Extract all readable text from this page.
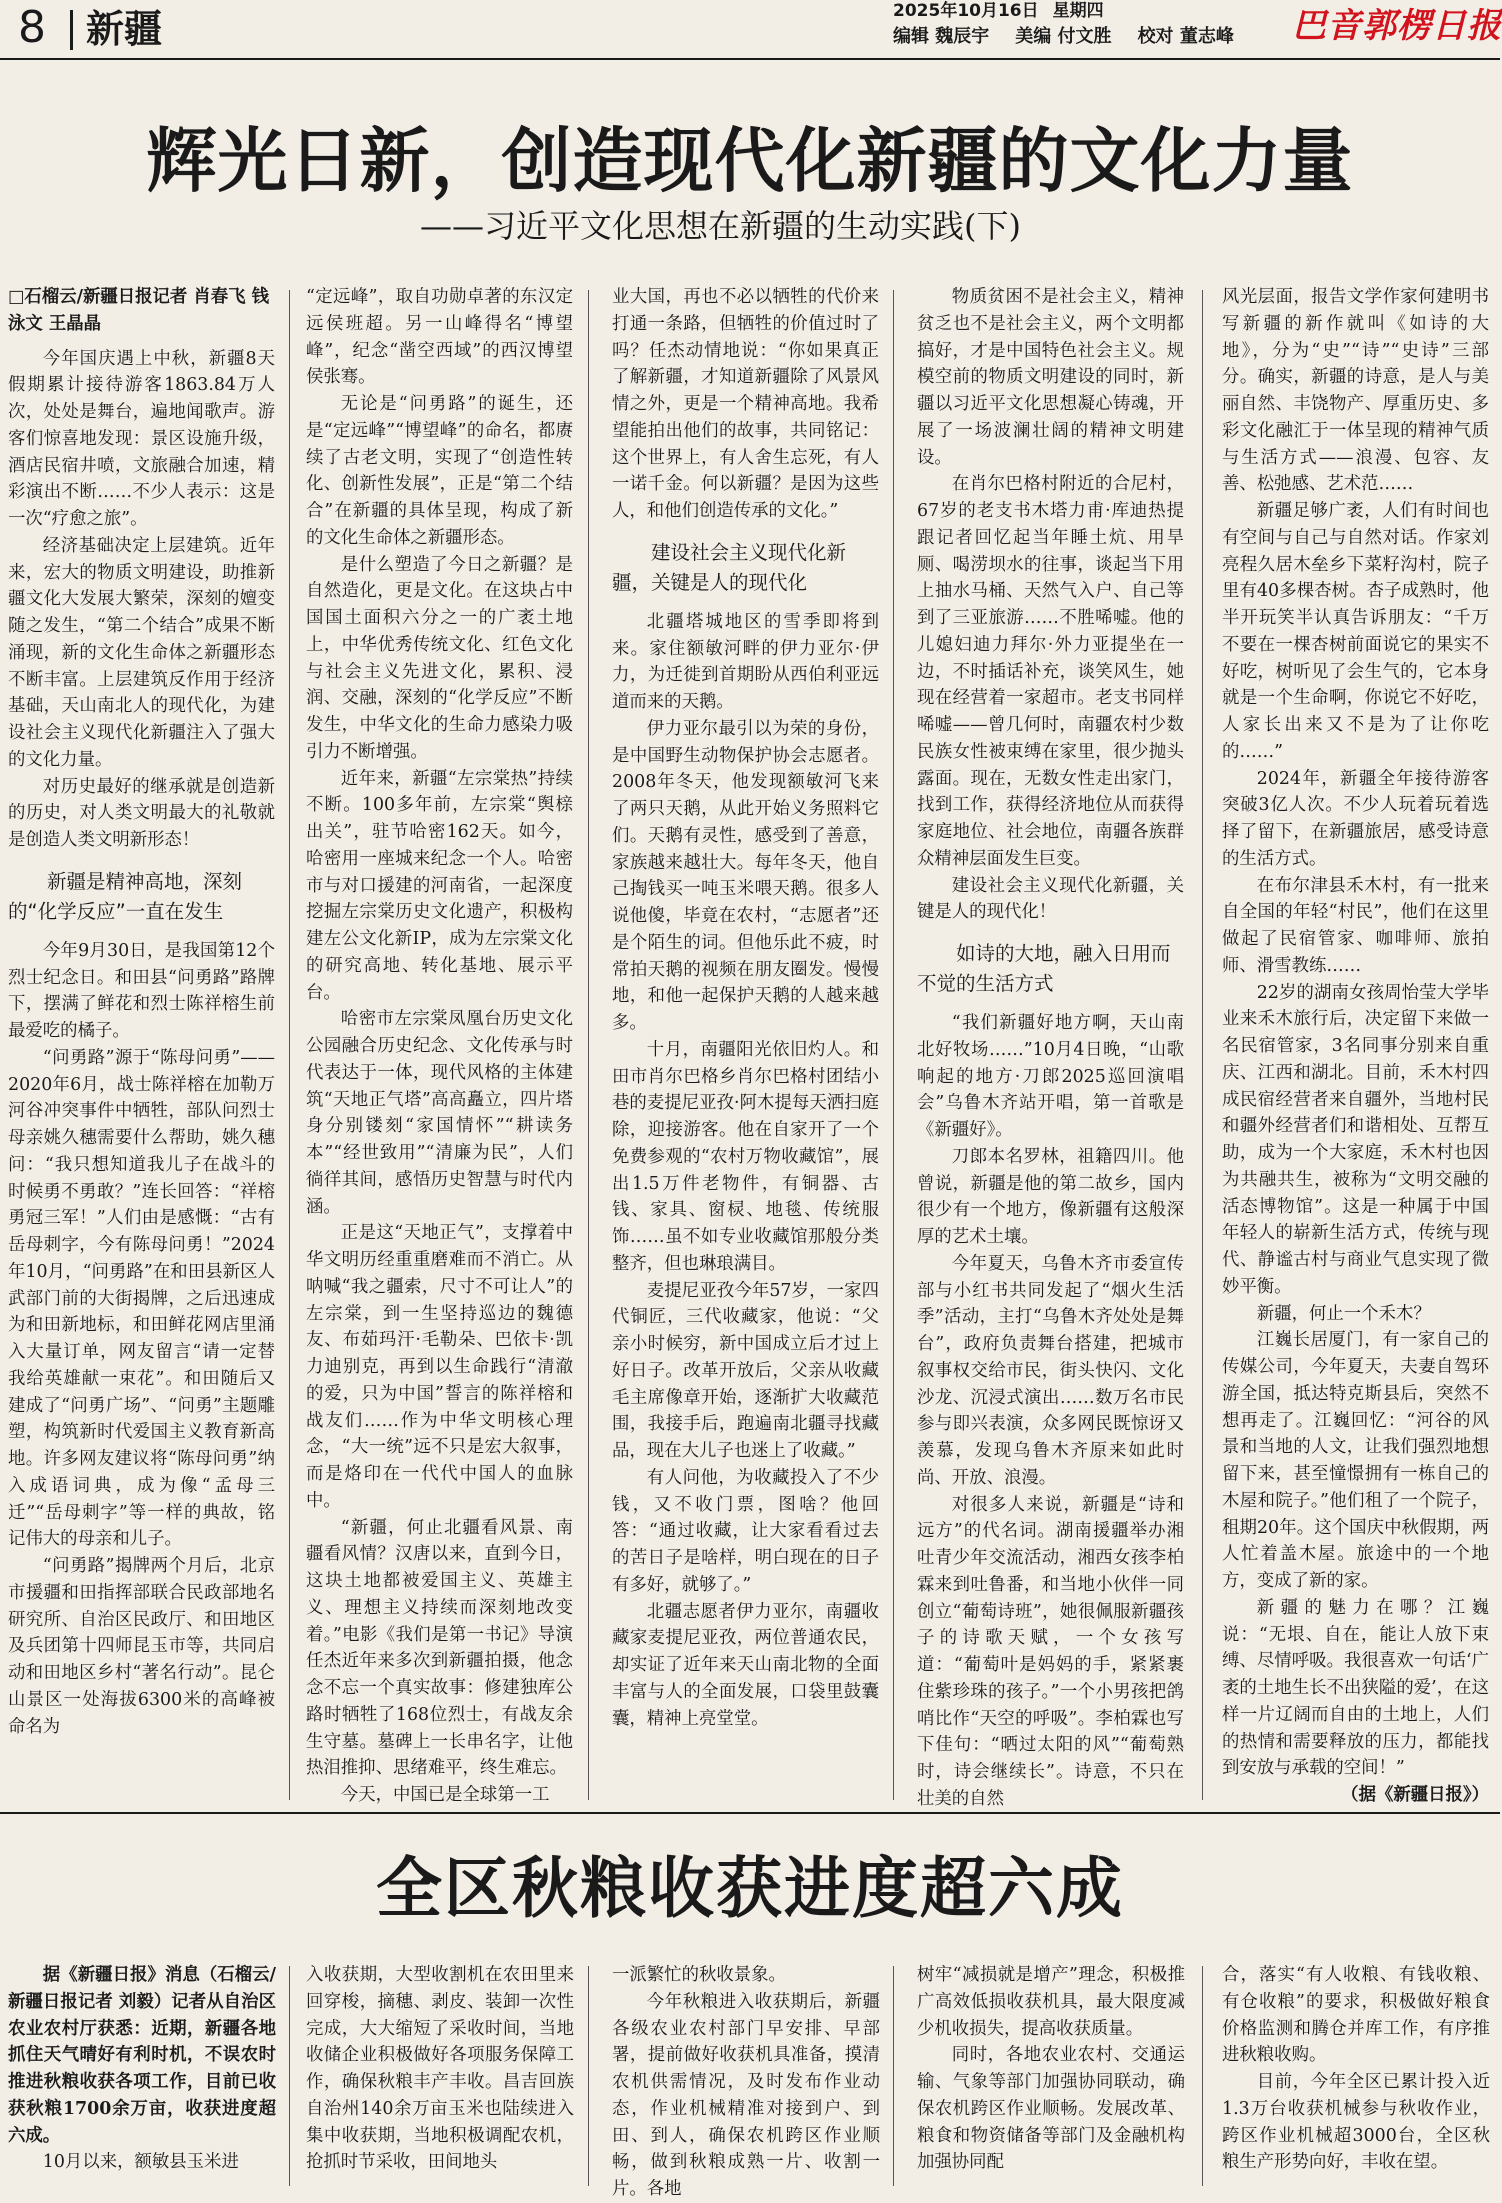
8 新疆	2025年10月16日 星期四
编辑 魏辰宇 美编 付文胜 校对 董志峰	巴音郭楞日报
辉光日新，创造现代化新疆的文化力量
——习近平文化思想在新疆的生动实践(下)
□石榴云/新疆日报记者 肖春飞 钱泳文 王晶晶

今年国庆遇上中秋，新疆8天假期累计接待游客1863.84万人次，处处是舞台，遍地闻歌声。游客们惊喜地发现：景区设施升级，酒店民宿井喷，文旅融合加速，精彩演出不断……不少人表示：这是一次“疗愈之旅”。

经济基础决定上层建筑。近年来，宏大的物质文明建设，助推新疆文化大发展大繁荣，深刻的嬗变随之发生，“第二个结合”成果不断涌现，新的文化生命体之新疆形态不断丰富。上层建筑反作用于经济基础，天山南北人的现代化，为建设社会主义现代化新疆注入了强大的文化力量。

对历史最好的继承就是创造新的历史，对人类文明最大的礼敬就是创造人类文明新形态！

新疆是精神高地，深刻的“化学反应”一直在发生

今年9月30日，是我国第12个烈士纪念日。和田县“问勇路”路牌下，摆满了鲜花和烈士陈祥榕生前最爱吃的橘子。

“问勇路”源于“陈母问勇”——2020年6月，战士陈祥榕在加勒万河谷冲突事件中牺牲，部队问烈士母亲姚久穗需要什么帮助，姚久穗问：“我只想知道我儿子在战斗的时候勇不勇敢？”连长回答：“祥榕勇冠三军！”人们由是感慨：“古有岳母刺字，今有陈母问勇！”2024年10月，“问勇路”在和田县新区人武部门前的大街揭牌，之后迅速成为和田新地标，和田鲜花网店里涌入大量订单，网友留言“请一定替我给英雄献一束花”。和田随后又建成了“问勇广场”、“问勇”主题雕塑，构筑新时代爱国主义教育新高地。许多网友建议将“陈母问勇”纳入成语词典，成为像“孟母三迁”“岳母刺字”等一样的典故，铭记伟大的母亲和儿子。

“问勇路”揭牌两个月后，北京市援疆和田指挥部联合民政部地名研究所、自治区民政厅、和田地区及兵团第十四师昆玉市等，共同启动和田地区乡村“著名行动”。昆仑山景区一处海拔6300米的高峰被命名为

“定远峰”，取自功勋卓著的东汉定远侯班超。另一山峰得名“博望峰”，纪念“凿空西域”的西汉博望侯张骞。

无论是“问勇路”的诞生，还是“定远峰”“博望峰”的命名，都赓续了古老文明，实现了“创造性转化、创新性发展”，正是“第二个结合”在新疆的具体呈现，构成了新的文化生命体之新疆形态。

是什么塑造了今日之新疆？是自然造化，更是文化。在这块占中国国土面积六分之一的广袤土地上，中华优秀传统文化、红色文化与社会主义先进文化，累积、浸润、交融，深刻的“化学反应”不断发生，中华文化的生命力感染力吸引力不断增强。

近年来，新疆“左宗棠热”持续不断。100多年前，左宗棠“舆榇出关”，驻节哈密162天。如今，哈密用一座城来纪念一个人。哈密市与对口援建的河南省，一起深度挖掘左宗棠历史文化遗产，积极构建左公文化新IP，成为左宗棠文化的研究高地、转化基地、展示平台。

哈密市左宗棠凤凰台历史文化公园融合历史纪念、文化传承与时代表达于一体，现代风格的主体建筑“天地正气塔”高高矗立，四片塔身分别镂刻“家国情怀”“耕读务本”“经世致用”“清廉为民”，人们徜徉其间，感悟历史智慧与时代内涵。

正是这“天地正气”，支撑着中华文明历经重重磨难而不消亡。从呐喊“我之疆索，尺寸不可让人”的左宗棠，到一生坚持巡边的魏德友、布茹玛汗·毛勒朵、巴依卡·凯力迪别克，再到以生命践行“清澈的爱，只为中国”誓言的陈祥榕和战友们……作为中华文明核心理念，“大一统”远不只是宏大叙事，而是烙印在一代代中国人的血脉中。

“新疆，何止北疆看风景、南疆看风情？汉唐以来，直到今日，这块土地都被爱国主义、英雄主义、理想主义持续而深刻地改变着。”电影《我们是第一书记》导演任杰近年来多次到新疆拍摄，他念念不忘一个真实故事：修建独库公路时牺牲了168位烈士，有战友余生守墓。墓碑上一长串名字，让他热泪推抑、思绪难平，终生难忘。

今天，中国已是全球第一工

业大国，再也不必以牺牲的代价来打通一条路，但牺牲的价值过时了吗？任杰动情地说：“你如果真正了解新疆，才知道新疆除了风景风情之外，更是一个精神高地。我希望能拍出他们的故事，共同铭记：这个世界上，有人舍生忘死，有人一诺千金。何以新疆？是因为这些人，和他们创造传承的文化。”

建设社会主义现代化新疆，关键是人的现代化

北疆塔城地区的雪季即将到来。家住额敏河畔的伊力亚尔·伊力，为迁徙到首期盼从西伯利亚远道而来的天鹅。

伊力亚尔最引以为荣的身份，是中国野生动物保护协会志愿者。2008年冬天，他发现额敏河飞来了两只天鹅，从此开始义务照料它们。天鹅有灵性，感受到了善意，家族越来越壮大。每年冬天，他自己掏钱买一吨玉米喂天鹅。很多人说他傻，毕竟在农村，“志愿者”还是个陌生的词。但他乐此不疲，时常拍天鹅的视频在朋友圈发。慢慢地，和他一起保护天鹅的人越来越多。

十月，南疆阳光依旧灼人。和田市肖尔巴格乡肖尔巴格村团结小巷的麦提尼亚孜·阿木提每天洒扫庭除，迎接游客。他在自家开了一个免费参观的“农村万物收藏馆”，展出1.5万件老物件，有铜器、古钱、家具、窗棂、地毯、传统服饰……虽不如专业收藏馆那般分类整齐，但也琳琅满目。

麦提尼亚孜今年57岁，一家四代铜匠，三代收藏家，他说：“父亲小时候穷，新中国成立后才过上好日子。改革开放后，父亲从收藏毛主席像章开始，逐渐扩大收藏范围，我接手后，跑遍南北疆寻找藏品，现在大儿子也迷上了收藏。”

有人问他，为收藏投入了不少钱，又不收门票，图啥？他回答：“通过收藏，让大家看看过去的苦日子是啥样，明白现在的日子有多好，就够了。”

北疆志愿者伊力亚尔，南疆收藏家麦提尼亚孜，两位普通农民，却实证了近年来天山南北物的全面丰富与人的全面发展，口袋里鼓囊囊，精神上亮堂堂。

物质贫困不是社会主义，精神贫乏也不是社会主义，两个文明都搞好，才是中国特色社会主义。规模空前的物质文明建设的同时，新疆以习近平文化思想凝心铸魂，开展了一场波澜壮阔的精神文明建设。

在肖尔巴格村附近的合尼村，67岁的老支书木塔力甫·库迪热提跟记者回忆起当年睡土炕、用旱厕、喝涝坝水的往事，谈起当下用上抽水马桶、天然气入户、自己等到了三亚旅游……不胜唏嘘。他的儿媳妇迪力拜尔·外力亚提坐在一边，不时插话补充，谈笑风生，她现在经营着一家超市。老支书同样唏嘘——曾几何时，南疆农村少数民族女性被束缚在家里，很少抛头露面。现在，无数女性走出家门，找到工作，获得经济地位从而获得家庭地位、社会地位，南疆各族群众精神层面发生巨变。

建设社会主义现代化新疆，关键是人的现代化！

如诗的大地，融入日用而不觉的生活方式

“我们新疆好地方啊，天山南北好牧场……”10月4日晚，“山歌响起的地方·刀郎2025巡回演唱会”乌鲁木齐站开唱，第一首歌是《新疆好》。

刀郎本名罗林，祖籍四川。他曾说，新疆是他的第二故乡，国内很少有一个地方，像新疆有这般深厚的艺术土壤。

今年夏天，乌鲁木齐市委宣传部与小红书共同发起了“烟火生活季”活动，主打“乌鲁木齐处处是舞台”，政府负责舞台搭建，把城市叙事权交给市民，街头快闪、文化沙龙、沉浸式演出……数万名市民参与即兴表演，众多网民既惊讶又羡慕，发现乌鲁木齐原来如此时尚、开放、浪漫。

对很多人来说，新疆是“诗和远方”的代名词。湖南援疆举办湘吐青少年交流活动，湘西女孩李柏霖来到吐鲁番，和当地小伙伴一同创立“葡萄诗班”，她很佩服新疆孩子的诗歌天赋，一个女孩写道：“葡萄叶是妈妈的手，紧紧裹住紫珍珠的孩子。”一个小男孩把鸽哨比作“天空的呼吸”。李柏霖也写下佳句：“晒过太阳的风”“葡萄熟时，诗会继续长”。诗意，不只在壮美的自然

风光层面，报告文学作家何建明书写新疆的新作就叫《如诗的大地》，分为“史”“诗”“史诗”三部分。确实，新疆的诗意，是人与美丽自然、丰饶物产、厚重历史、多彩文化融汇于一体呈现的精神气质与生活方式——浪漫、包容、友善、松弛感、艺术范……

新疆足够广袤，人们有时间也有空间与自己与自然对话。作家刘亮程久居木垒乡下菜籽沟村，院子里有40多棵杏树。杏子成熟时，他半开玩笑半认真告诉朋友：“千万不要在一棵杏树前面说它的果实不好吃，树听见了会生气的，它本身就是一个生命啊，你说它不好吃，人家长出来又不是为了让你吃的……”

2024年，新疆全年接待游客突破3亿人次。不少人玩着玩着选择了留下，在新疆旅居，感受诗意的生活方式。

在布尔津县禾木村，有一批来自全国的年轻“村民”，他们在这里做起了民宿管家、咖啡师、旅拍师、滑雪教练……

22岁的湖南女孩周怡莹大学毕业来禾木旅行后，决定留下来做一名民宿管家，3名同事分别来自重庆、江西和湖北。目前，禾木村四成民宿经营者来自疆外，当地村民和疆外经营者们和谐相处、互帮互助，成为一个大家庭，禾木村也因为共融共生，被称为“文明交融的活态博物馆”。这是一种属于中国年轻人的崭新生活方式，传统与现代、静谧古村与商业气息实现了微妙平衡。

新疆，何止一个禾木？

江巍长居厦门，有一家自己的传媒公司，今年夏天，夫妻自驾环游全国，抵达特克斯县后，突然不想再走了。江巍回忆：“河谷的风景和当地的人文，让我们强烈地想留下来，甚至憧憬拥有一栋自己的木屋和院子。”他们租了一个院子，租期20年。这个国庆中秋假期，两人忙着盖木屋。旅途中的一个地方，变成了新的家。

新疆的魅力在哪？江巍说：“无垠、自在，能让人放下束缚、尽情呼吸。我很喜欢一句话‘广袤的土地生长不出狭隘的爱’，在这样一片辽阔而自由的土地上，人们的热情和需要释放的压力，都能找到安放与承载的空间！”

（据《新疆日报》）

全区秋粮收获进度超六成

据《新疆日报》消息（石榴云/新疆日报记者 刘毅）记者从自治区农业农村厅获悉：近期，新疆各地抓住天气晴好有利时机，不误农时推进秋粮收获各项工作，目前已收获秋粮1700余万亩，收获进度超六成。

10月以来，额敏县玉米进

入收获期，大型收割机在农田里来回穿梭，摘穗、剥皮、装卸一次性完成，大大缩短了采收时间，当地收储企业积极做好各项服务保障工作，确保秋粮丰产丰收。昌吉回族自治州140余万亩玉米也陆续进入集中收获期，当地积极调配农机，抢抓时节采收，田间地头

一派繁忙的秋收景象。

今年秋粮进入收获期后，新疆各级农业农村部门早安排、早部署，提前做好收获机具准备，摸清农机供需情况，及时发布作业动态，作业机械精准对接到户、到田、到人，确保农机跨区作业顺畅，做到秋粮成熟一片、收割一片。各地

树牢“减损就是增产”理念，积极推广高效低损收获机具，最大限度减少机收损失，提高收获质量。

同时，各地农业农村、交通运输、气象等部门加强协同联动，确保农机跨区作业顺畅。发展改革、粮食和物资储备等部门及金融机构加强协同配

合，落实“有人收粮、有钱收粮、有仓收粮”的要求，积极做好粮食价格监测和腾仓并库工作，有序推进秋粮收购。

目前，今年全区已累计投入近1.3万台收获机械参与秋收作业，跨区作业机械超3000台，全区秋粮生产形势向好，丰收在望。
